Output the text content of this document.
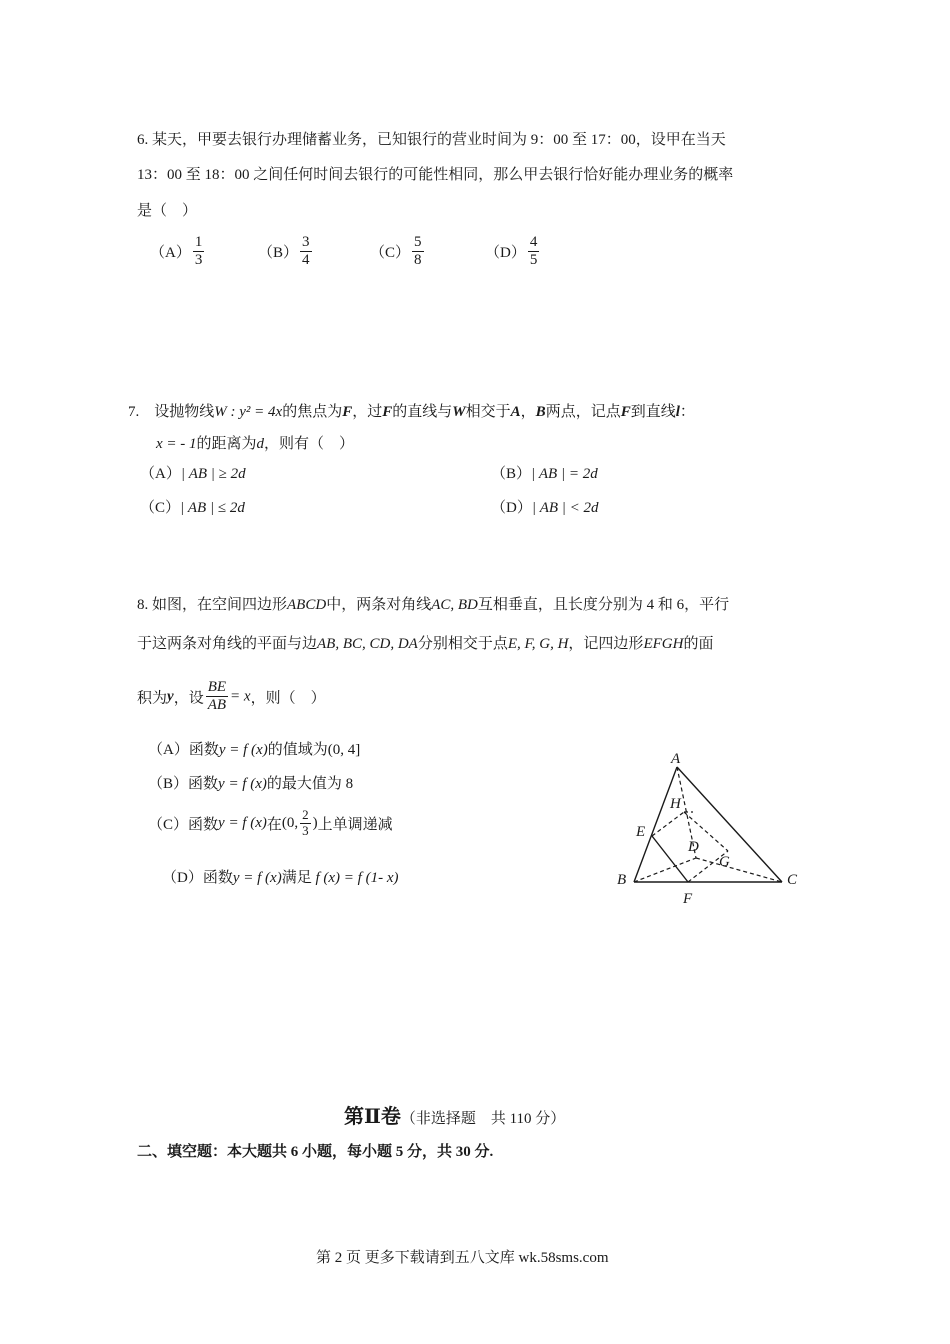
6. 某天，甲要去银行办理储蓄业务，已知银行的营业时间为 9：00 至 17：00，设甲在当天
13：00 至 18：00 之间任何时间去银行的可能性相同，那么甲去银行恰好能办理业务的概率
是（　）
$(A) \frac{1}{3}$	$(B) \frac{3}{4}$	$(C) \frac{5}{8}$	$(D) \frac{4}{5}$
7. 设抛物线W : y² = 4x的焦点为F，过F的直线与W相交于A，B两点，记点F到直线l：
x = - 1的距离为d，则有（　）
（A）| AB | ≥ 2d	（B）| AB | = 2d
（C）| AB | ≤ 2d	（D）| AB | < 2d
8. 如图，在空间四边形ABCD中，两条对角线AC, BD互相垂直，且长度分别为 4 和 6，平行
于这两条对角线的平面与边AB, BC, CD, DA分别相交于点E, F, G, H，记四边形EFGH的面
积为y，设 $\frac{BE}{AB} = x$，则（　）
（A）函数y = f (x)的值域为(0, 4]
（B）函数y = f (x)的最大值为 8
（C）函数y = f (x)在(0, $\frac{2}{3}$ )上单调递减
（D）函数y = f (x)满足 f (x) = f (1- x)
A
B	C
D
E
F
G
H
第Ⅱ卷（非选择题　共 110 分）
二、填空题：本大题共 6 小题，每小题 5 分，共 30 分.
第 2 页 更多下载请到五八文库 wk.58sms.com
